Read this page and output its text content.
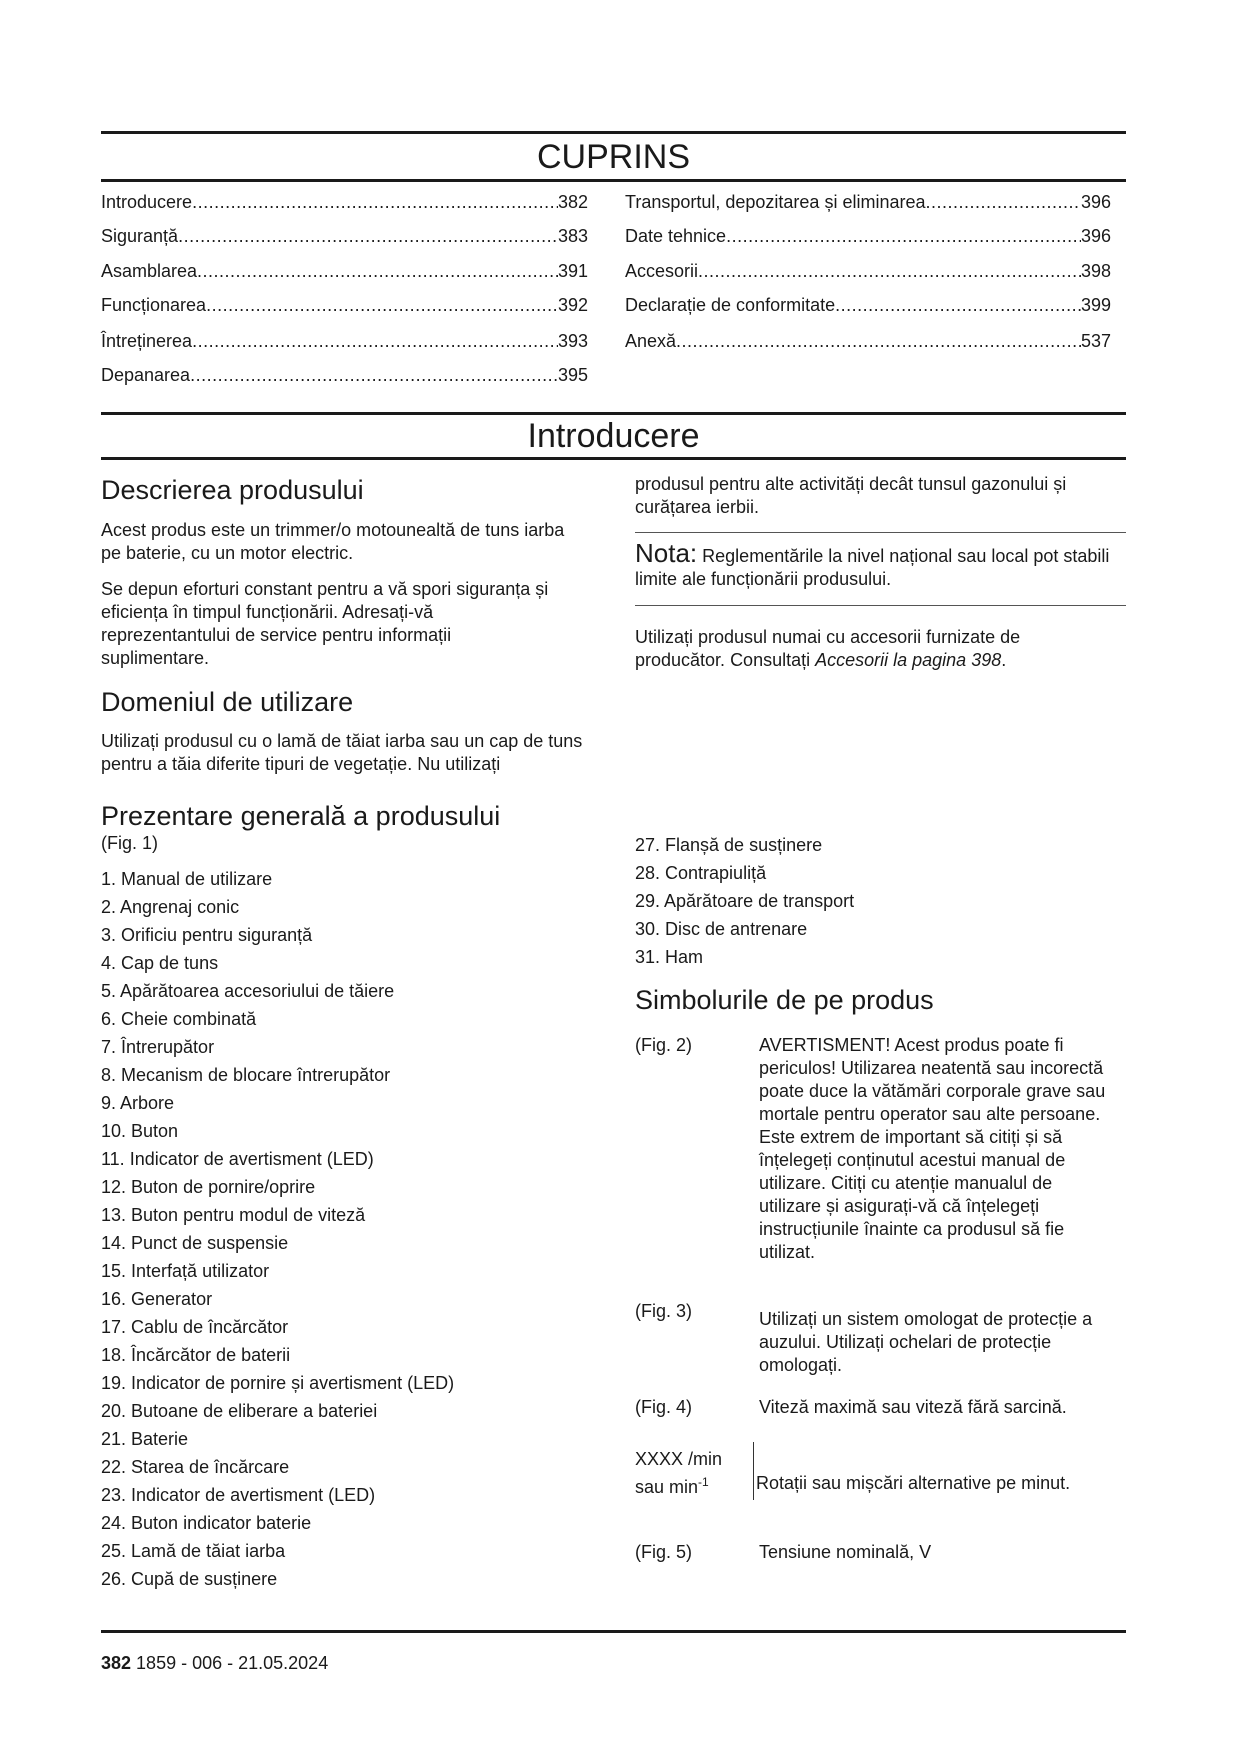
CUPRINS
Introducere .....	382
Siguranță .....	383
Asamblarea .....	391
Funcționarea .....	392
Întreținerea .....	393
Depanarea .....	395
Transportul, depozitarea și eliminarea .....	396
Date tehnice .....	396
Accesorii .....	398
Declarație de conformitate .....	399
Anexă .....	537
Introducere
Descrierea produsului
Acest produs este un trimmer/o motounealtă de tuns iarba pe baterie, cu un motor electric.
Se depun eforturi constant pentru a vă spori siguranța și eficiența în timpul funcționării. Adresați-vă reprezentantului de service pentru informații suplimentare.
Domeniul de utilizare
Utilizați produsul cu o lamă de tăiat iarba sau un cap de tuns pentru a tăia diferite tipuri de vegetație. Nu utilizați
produsul pentru alte activități decât tunsul gazonului și curățarea ierbii.
Nota: Reglementările la nivel național sau local pot stabili limite ale funcționării produsului.
Utilizați produsul numai cu accesorii furnizate de producător. Consultați Accesorii la pagina 398.
Prezentare generală a produsului
(Fig. 1)
1. Manual de utilizare
2. Angrenaj conic
3. Orificiu pentru siguranță
4. Cap de tuns
5. Apărătoarea accesoriului de tăiere
6. Cheie combinată
7. Întrerupător
8. Mecanism de blocare întrerupător
9. Arbore
10. Buton
11. Indicator de avertisment (LED)
12. Buton de pornire/oprire
13. Buton pentru modul de viteză
14. Punct de suspensie
15. Interfață utilizator
16. Generator
17. Cablu de încărcător
18. Încărcător de baterii
19. Indicator de pornire și avertisment (LED)
20. Butoane de eliberare a bateriei
21. Baterie
22. Starea de încărcare
23. Indicator de avertisment (LED)
24. Buton indicator baterie
25. Lamă de tăiat iarba
26. Cupă de susținere
27. Flanșă de susținere
28. Contrapiuliță
29. Apărătoare de transport
30. Disc de antrenare
31. Ham
Simbolurile de pe produs
(Fig. 2)	AVERTISMENT! Acest produs poate fi periculos! Utilizarea neatentă sau incorectă poate duce la vătămări corporale grave sau mortale pentru operator sau alte persoane. Este extrem de important să citiți și să înțelegeți conținutul acestui manual de utilizare. Citiți cu atenție manualul de utilizare și asigurați-vă că înțelegeți instrucțiunile înainte ca produsul să fie utilizat.
(Fig. 3)	Utilizați un sistem omologat de protecție a auzului. Utilizați ochelari de protecție omologați.
(Fig. 4)	Viteză maximă sau viteză fără sarcină.
XXXX /min
sau $\min^{-1}$	Rotații sau mișcări alternative pe minut.
(Fig. 5)	Tensiune nominală, V
382 1859 - 006 - 21.05.2024
